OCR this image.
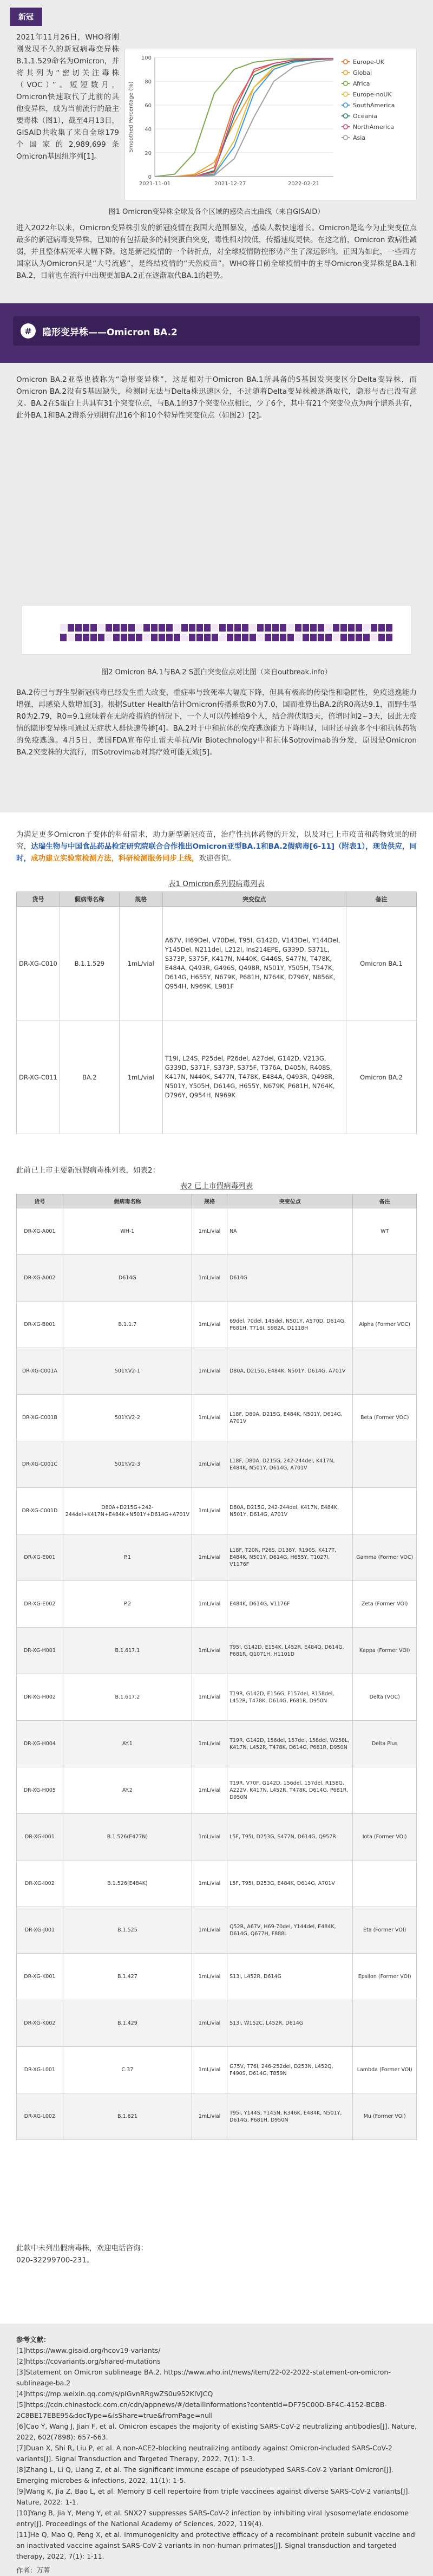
新冠
2021年11月26日，WHO将刚刚发现不久的新冠病毒变异株B.1.1.529命名为Omicron，并将其列为“密切关注毒株（VOC）”。短短数月，Omicron快速取代了此前的其他变异株，成为当前流行的最主要毒株（图1），截至4月13日，GISAID共收集了来自全球179个国家的2,989,699条Omicron基因组序列[1]。
0
20
40
60
80
100
2021-11-01	2021-12-27	2022-02-21
Smoothed Percentage (%)
Europe-UK
Global
Africa
Europe-noUK
SouthAmerica
Oceania
NorthAmerica
Asia
图1 Omicron变异株全球及各个区域的感染占比曲线（来自GISAID）
进入2022年以来，Omicron变异株引发的新冠疫情在我国大范围暴发，感染人数快速增长。Omicron是迄今为止突变位点最多的新冠病毒变异株，已知的有包括最多的刺突蛋白突变，毒性相对较低，传播速度更快。在这之前，Omicron 致病性减弱，并且整体病死率大幅下降。这是新冠疫情的一个转折点，对全球疫情防控形势产生了深远影响。正因为如此，一些西方国家认为Omicron只是“大号流感”，是终结疫情的“天然疫苗”。WHO将目前全球疫情中的主导Omicron变异株是BA.1和BA.2，目前也在流行中出现更加BA.2正在逐渐取代BA.1的趋势。
#	隐形变异株——Omicron BA.2
Omicron BA.2亚型也被称为“隐形变异株”，这是相对于Omicron BA.1所具备的S基因发突变区分Delta变异株，而Omicron BA.2没有S基因缺失，检测时无法与Delta株迅速区分，不过随着Delta变异株被逐渐取代，隐形与否已没有意义。BA.2在S蛋白上共具有31个突变位点，与BA.1的37个突变位点相比，少了6个，其中有21个突变位点为两个谱系共有，此外BA.1和BA.2谱系分别拥有出16个和10个特异性突变位点（如图2）[2]。
图2 Omicron BA.1与BA.2 S蛋白突变位点对比图（来自outbreak.info）
BA.2传已与野生型新冠病毒已经发生重大改变，重症率与致死率大幅度下降，但具有极高的传染性和隐匿性，免疫逃逸能力增强，再感染人数增加[3]。根据Sutter Health估计Omicron传播系数R0为7.0，国而推算出BA.2的R0高达9.1，而野生型R0为2.79，R0=9.1意味着在无防疫措施的情况下，一个人可以传播给9个人，结合潜伏期3天，倍增时间2~3天，因此无疫情的隐形变异株可通过无症状人群快速传播[4]。BA.2对于中和抗体的免疫逃逸能力下降明显，同时还导致多个中和抗体药物的免疫逃逸。4月5日，美国FDA宣布停止雷夫单抗/Vir Biotechnology中和抗体Sotrovimab的分发，原因是Omicron BA.2突变株的大流行，而Sotrovimab对其疗效可能无效[5]。
为满足更多Omicron子变体的科研需求，助力新型新冠疫苗，治疗性抗体药物的开发，以及对已上市疫苗和药物效果的研究，达瑞生物与中国食品药品检定研究院联合合作推出Omicron亚型BA.1和BA.2假病毒[6-11]（附表1），现货供应，同时，成功建立实验室检测方法，科研检测服务同步上线，欢迎咨询。
表1 Omicron系列假病毒列表
货号	假病毒名称	规格	突变位点	备注
DR-XG-C010	B.1.1.529	1mL/vial	A67V, H69Del, V70Del, T95I, G142D, V143Del, Y144Del, Y145Del, N211del, L212I, Ins214EPE, G339D, S371L, S373P, S375F, K417N, N440K, G446S, S477N, T478K, E484A, Q493R, G496S, Q498R, N501Y, Y505H, T547K, D614G, H655Y, N679K, P681H, N764K, D796Y, N856K, Q954H, N969K, L981F	Omicron BA.1
DR-XG-C011	BA.2	1mL/vial	T19I, L24S, P25del, P26del, A27del, G142D, V213G, G339D, S371F, S373P, S375F, T376A, D405N, R408S, K417N, N440K, S477N, T478K, E484A, Q493R, Q498R, N501Y, Y505H, D614G, H655Y, N679K, P681H, N764K, D796Y, Q954H, N969K	Omicron BA.2
此前已上市主要新冠假病毒株列表，如表2：
表2 已上市假病毒列表
货号	假病毒名称	规格	突变位点	备注
DR-XG-A001	WH-1	1mL/vial	NA	WT
DR-XG-A002	D614G	1mL/vial	D614G	
DR-XG-B001	B.1.1.7	1mL/vial	69del, 70del, 145del, N501Y, A570D, D614G, P681H, T716I, S982A, D1118H	Alpha (Former VOC)
DR-XG-C001A	501Y.V2-1	1mL/vial	D80A, D215G, E484K, N501Y, D614G, A701V	
DR-XG-C001B	501Y.V2-2	1mL/vial	L18F, D80A, D215G, E484K, N501Y, D614G, A701V	Beta (Former VOC)
DR-XG-C001C	501Y.V2-3	1mL/vial	L18F, D80A, D215G, 242-244del, K417N, E484K, N501Y, D614G, A701V	
DR-XG-C001D	D80A+D215G+242-244del+K417N+E484K+N501Y+D614G+A701V	1mL/vial	D80A, D215G, 242-244del, K417N, E484K, N501Y, D614G, A701V	
DR-XG-E001	P.1	1mL/vial	L18F, T20N, P26S, D138Y, R190S, K417T, E484K, N501Y, D614G, H655Y, T1027I, V1176F	Gamma (Former VOC)
DR-XG-E002	P.2	1mL/vial	E484K, D614G, V1176F	Zeta (Former VOI)
DR-XG-H001	B.1.617.1	1mL/vial	T95I, G142D, E154K, L452R, E484Q, D614G, P681R, Q1071H, H1101D	Kappa (Former VOI)
DR-XG-H002	B.1.617.2	1mL/vial	T19R, G142D, E156G, F157del, R158del, L452R, T478K, D614G, P681R, D950N	Delta (VOC)
DR-XG-H004	AY.1	1mL/vial	T19R, G142D, 156del, 157del, 158del, W258L, K417N, L452R, T478K, D614G, P681R, D950N	Delta Plus
DR-XG-H005	AY.2	1mL/vial	T19R, V70F, G142D, 156del, 157del, R158G, A222V, K417N, L452R, T478K, D614G, P681R, D950N	
DR-XG-I001	B.1.526(E477N)	1mL/vial	L5F, T95I, D253G, S477N, D614G, Q957R	Iota (Former VOI)
DR-XG-I002	B.1.526(E484K)	1mL/vial	L5F, T95I, D253G, E484K, D614G, A701V	
DR-XG-J001	B.1.525	1mL/vial	Q52R, A67V, H69-70del, Y144del, E484K, D614G, Q677H, F888L	Eta (Former VOI)
DR-XG-K001	B.1.427	1mL/vial	S13I, L452R, D614G	Epsilon (Former VOI)
DR-XG-K002	B.1.429	1mL/vial	S13I, W152C, L452R, D614G	
DR-XG-L001	C.37	1mL/vial	G75V, T76I, 246-252del, D253N, L452Q, F490S, D614G, T859N	Lambda (Former VOI)
DR-XG-L002	B.1.621	1mL/vial	T95I, Y144S, Y145N, R346K, E484K, N501Y, D614G, P681H, D950N	Mu (Former VOI)
此款中未列出假病毒株，欢迎电话咨询：
020-32299700-231。

参考文献：

[1]https://www.gisaid.org/hcov19-variants/

[2]https://covariants.org/shared-mutations

[3]Statement on Omicron sublineage BA.2. https://www.who.int/news/item/22-02-2022-statement-on-omicron-sublineage-ba.2

[4]https://mp.weixin.qq.com/s/pIGvnRRgwZS0u952KIVJCQ

[5]https://cdn.chinastock.com.cn/cdn/appnews/#/detailInformations?contentId=DF75C00D-BF4C-4152-BCBB-2C8BE17EBE95&docType=&isShare=true&fromPage=null

[6]Cao Y, Wang J, Jian F, et al. Omicron escapes the majority of existing SARS-CoV-2 neutralizing antibodies[J]. Nature, 2022, 602(7898): 657-663.

[7]Duan X, Shi R, Liu P, et al. A non-ACE2-blocking neutralizing antibody against Omicron-included SARS-CoV-2 variants[J]. Signal Transduction and Targeted Therapy, 2022, 7(1): 1-3.

[8]Zhang L, Li Q, Liang Z, et al. The significant immune escape of pseudotyped SARS-CoV-2 Variant Omicron[J]. Emerging microbes & infections, 2022, 11(1): 1-5.

[9]Wang K, Jia Z, Bao L, et al. Memory B cell repertoire from triple vaccinees against diverse SARS-CoV-2 variants[J]. Nature, 2022: 1-1.

[10]Yang B, Jia Y, Meng Y, et al. SNX27 suppresses SARS-CoV-2 infection by inhibiting viral lysosome/late endosome entry[J]. Proceedings of the National Academy of Sciences, 2022, 119(4).

[11]He Q, Mao Q, Peng X, et al. Immunogenicity and protective efficacy of a recombinant protein subunit vaccine and an inactivated vaccine against SARS-CoV-2 variants in non-human primates[J]. Signal transduction and targeted therapy, 2022, 7(1): 1-11.

作者：万菁
